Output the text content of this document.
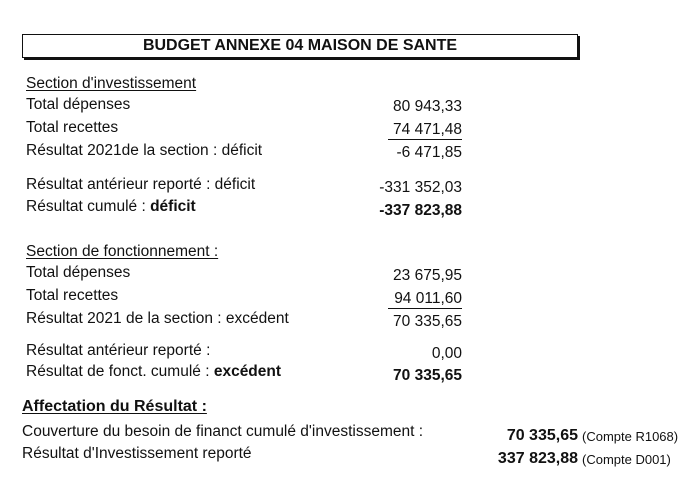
BUDGET ANNEXE 04 MAISON DE SANTE
Section d'investissement
Total dépenses	80 943,33
Total recettes	74 471,48
Résultat 2021de la section : déficit	-6 471,85
Résultat antérieur reporté : déficit	-331 352,03
Résultat cumulé : déficit	-337 823,88
Section de fonctionnement :
Total dépenses	23 675,95
Total recettes	94 011,60
Résultat 2021 de la section : excédent	70 335,65
Résultat antérieur reporté :	0,00
Résultat de fonct. cumulé : excédent	70 335,65
Affectation du Résultat :
Couverture du besoin de financt cumulé d'investissement :	70 335,65 (Compte R1068)
Résultat d'Investissement reporté	337 823,88 (Compte D001)
